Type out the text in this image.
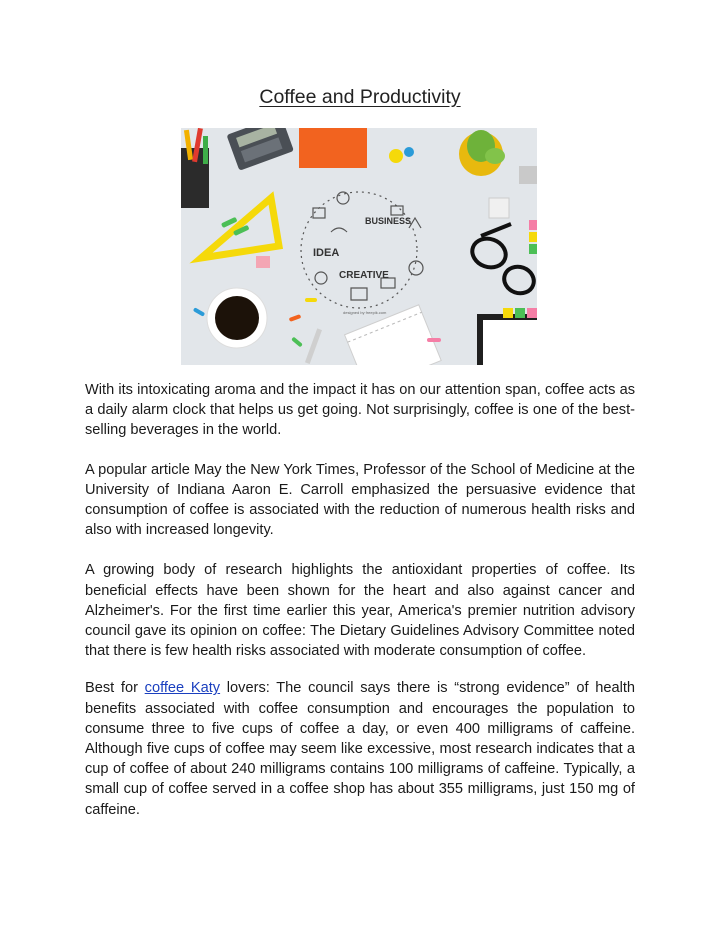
Coffee and Productivity
BUSINESS
IDEA
CREATIVE
designed by freepik.com

With its intoxicating aroma and the impact it has on our attention span, coffee acts as a daily alarm clock that helps us get going. Not surprisingly, coffee is one of the best-selling beverages in the world.

A popular article May the New York Times, Professor of the School of Medicine at the University of Indiana Aaron E. Carroll emphasized the persuasive evidence that consumption of coffee is associated with the reduction of numerous health risks and also with increased longevity.

A growing body of research highlights the antioxidant properties of coffee. Its beneficial effects have been shown for the heart and also against cancer and Alzheimer's. For the first time earlier this year, America's premier nutrition advisory council gave its opinion on coffee: The Dietary Guidelines Advisory Committee noted that there is few health risks associated with moderate consumption of coffee.

Best for coffee Katy lovers: The council says there is “strong evidence” of health benefits associated with coffee consumption and encourages the population to consume three to five cups of coffee a day, or even 400 milligrams of caffeine. Although five cups of coffee may seem like excessive, most research indicates that a cup of coffee of about 240 milligrams contains 100 milligrams of caffeine. Typically, a small cup of coffee served in a coffee shop has about 355 milligrams, just 150 mg of caffeine.
